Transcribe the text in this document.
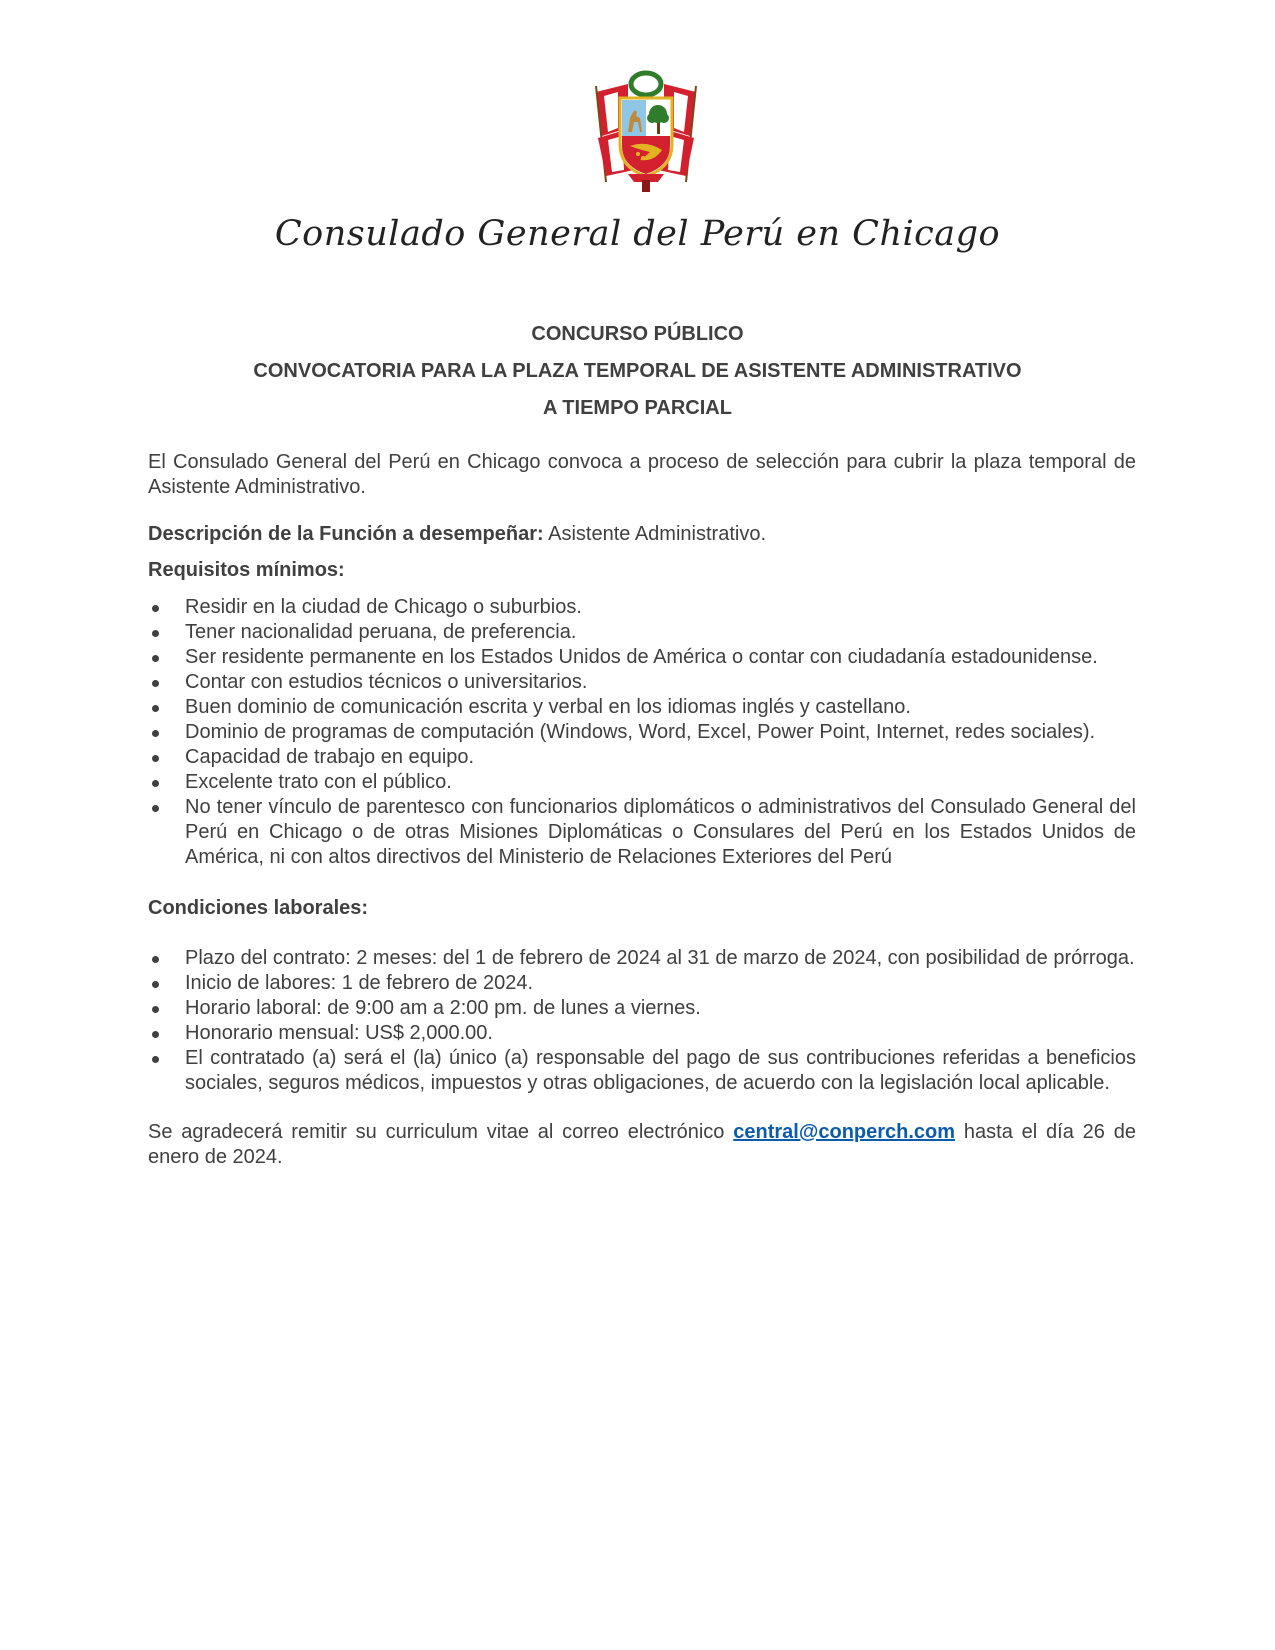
Consulado General del Perú en Chicago
CONCURSO PÚBLICO
CONVOCATORIA PARA LA PLAZA TEMPORAL DE ASISTENTE ADMINISTRATIVO
A TIEMPO PARCIAL

El Consulado General del Perú en Chicago convoca a proceso de selección para cubrir la plaza temporal de Asistente Administrativo.

Descripción de la Función a desempeñar: Asistente Administrativo.

Requisitos mínimos:

Residir en la ciudad de Chicago o suburbios.
Tener nacionalidad peruana, de preferencia.
Ser residente permanente en los Estados Unidos de América o contar con ciudadanía estadounidense.
Contar con estudios técnicos o universitarios.
Buen dominio de comunicación escrita y verbal en los idiomas inglés y castellano.
Dominio de programas de computación (Windows, Word, Excel, Power Point, Internet, redes sociales).
Capacidad de trabajo en equipo.
Excelente trato con el público.
No tener vínculo de parentesco con funcionarios diplomáticos o administrativos del Consulado General del Perú en Chicago o de otras Misiones Diplomáticas o Consulares del Perú en los Estados Unidos de América, ni con altos directivos del Ministerio de Relaciones Exteriores del Perú

Condiciones laborales:

Plazo del contrato: 2 meses: del 1 de febrero de 2024 al 31 de marzo de 2024, con posibilidad de prórroga.
Inicio de labores: 1 de febrero de 2024.
Horario laboral: de 9:00 am a 2:00 pm. de lunes a viernes.
Honorario mensual: US$ 2,000.00.
El contratado (a) será el (la) único (a) responsable del pago de sus contribuciones referidas a beneficios sociales, seguros médicos, impuestos y otras obligaciones, de acuerdo con la legislación local aplicable.

Se agradecerá remitir su curriculum vitae al correo electrónico central@conperch.com hasta el día 26 de enero de 2024.
